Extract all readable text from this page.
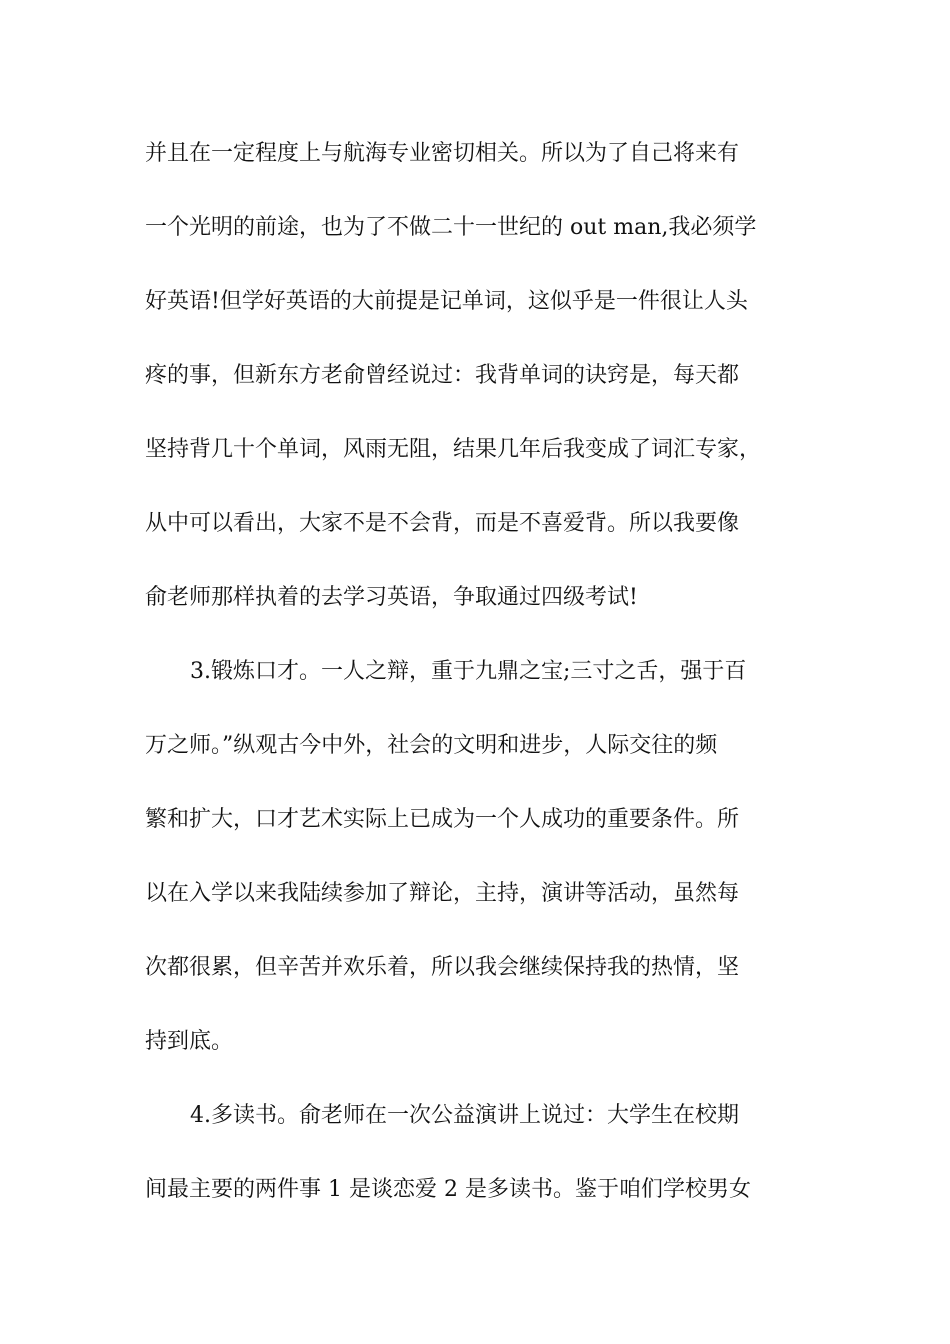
并且在一定程度上与航海专业密切相关。所以为了自己将来有
一个光明的前途，也为了不做二十一世纪的 out man,我必须学
好英语!但学好英语的大前提是记单词，这似乎是一件很让人头
疼的事，但新东方老俞曾经说过：我背单词的诀窍是，每天都
坚持背几十个单词，风雨无阻，结果几年后我变成了词汇专家，
从中可以看出，大家不是不会背，而是不喜爱背。所以我要像
俞老师那样执着的去学习英语，争取通过四级考试!
3.锻炼口才。一人之辩，重于九鼎之宝;三寸之舌，强于百
万之师。”纵观古今中外，社会的文明和进步，人际交往的频
繁和扩大，口才艺术实际上已成为一个人成功的重要条件。所
以在入学以来我陆续参加了辩论，主持，演讲等活动，虽然每
次都很累，但辛苦并欢乐着，所以我会继续保持我的热情，坚
持到底。
4.多读书。俞老师在一次公益演讲上说过：大学生在校期
间最主要的两件事 1 是谈恋爱 2 是多读书。鉴于咱们学校男女
